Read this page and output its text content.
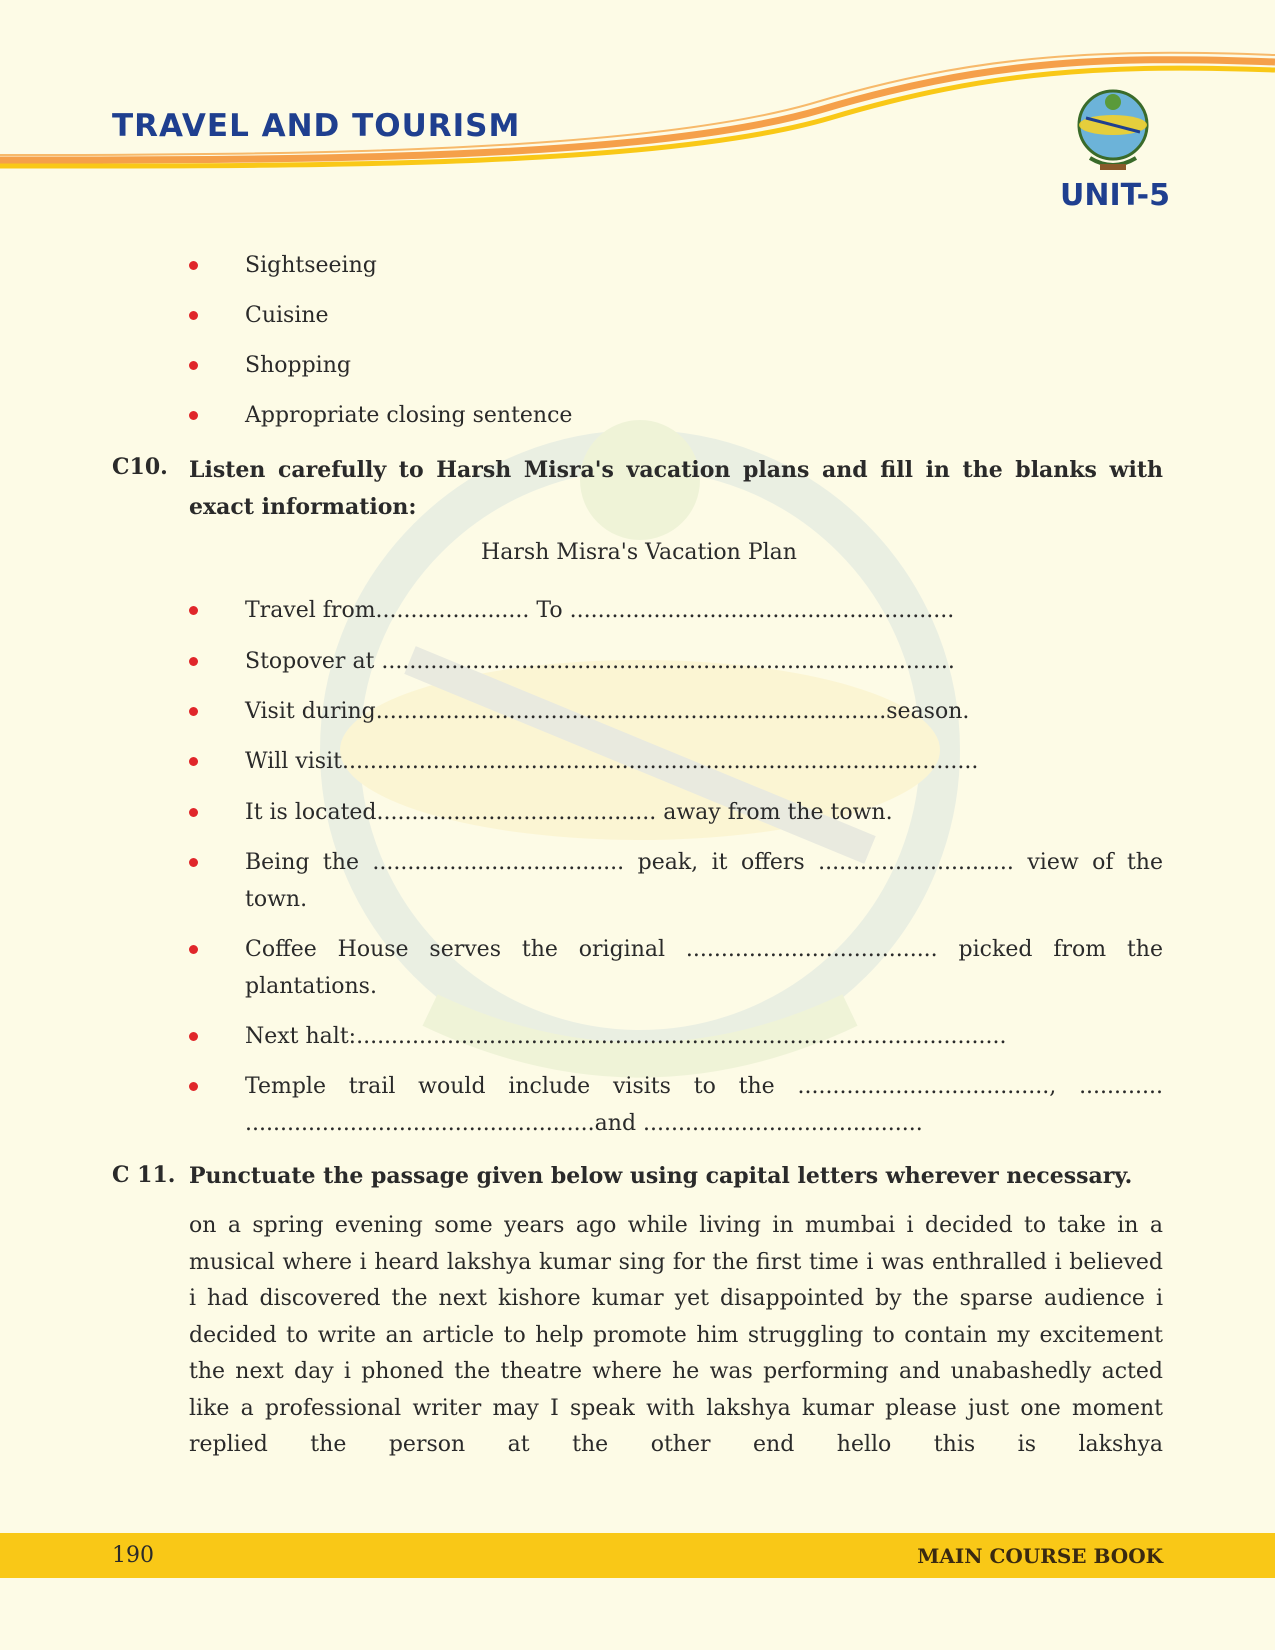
TRAVEL AND TOURISM
UNIT-5
Sightseeing
Cuisine
Shopping
Appropriate closing sentence
C10. Listen carefully to Harsh Misra's vacation plans and fill in the blanks with exact information:
Harsh Misra's Vacation Plan
Travel from...................... To .......................................................
Stopover at ..................................................................................
Visit during.........................................................................season.
Will visit...........................................................................................
It is located........................................ away from the town.
Being the .................................... peak, it offers ............................ view of the town.
Coffee House serves the original .................................... picked from the plantations.
Next halt:.............................................................................................
Temple trail would include visits to the ...................................., ............ ..................................................and ........................................
C 11. Punctuate the passage given below using capital letters wherever necessary.
on a spring evening some years ago while living in mumbai i decided to take in a musical where i heard lakshya kumar sing for the first time i was enthralled i believed i had discovered the next kishore kumar yet disappointed by the sparse audience i decided to write an article to help promote him struggling to contain my excitement the next day i phoned the theatre where he was performing and unabashedly acted like a professional writer may I speak with lakshya kumar please just one moment replied the person at the other end hello this is lakshya
190	MAIN COURSE BOOK
